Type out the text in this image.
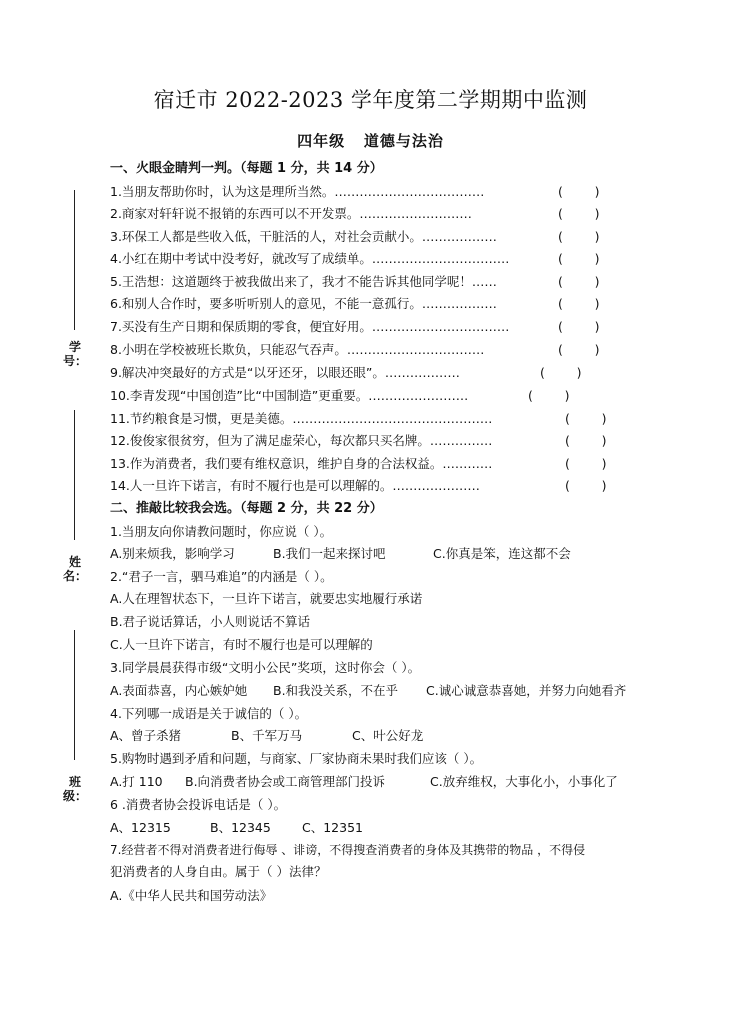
宿迁市 2022-2023 学年度第二学期期中监测
四年级   道德与法治
学号：
姓名：
班级：
一、火眼金睛判一判。（每题 1 分，共 14 分）
1.当朋友帮助你时，认为这是理所当然。………………………………	(        )
2.商家对轩轩说不报销的东西可以不开发票。………………………	(        )
3.环保工人都是些收入低，干脏活的人，对社会贡献小。………………	(        )
4.小红在期中考试中没考好，就改写了成绩单。……………………………	(        )
5.王浩想：这道题终于被我做出来了，我才不能告诉其他同学呢！……	(        )
6.和别人合作时，要多听听别人的意见，不能一意孤行。………………	(        )
7.买没有生产日期和保质期的零食，便宜好用。……………………………	(        )
8.小明在学校被班长欺负，只能忍气吞声。……………………………	(        )
9.解决冲突最好的方式是“以牙还牙，以眼还眼”。………………	(        )
10.李青发现“中国创造”比“中国制造”更重要。……………………	(        )
11.节约粮食是习惯，更是美德。…………………………………………	(        )
12.俊俊家很贫穷，但为了满足虚荣心，每次都只买名牌。……………	(        )
13.作为消费者，我们要有维权意识，维护自身的合法权益。…………	(        )
14.人一旦许下诺言，有时不履行也是可以理解的。…………………	(        )
二、推敲比较我会选。（每题 2 分，共 22 分）
1.当朋友向你请教问题时，你应说（ ）。
A.别来烦我，影响学习	B.我们一起来探讨吧	C.你真是笨，连这都不会
2.“君子一言，驷马难追”的内涵是（ ）。
A.人在理智状态下，一旦许下诺言，就要忠实地履行承诺
B.君子说话算话，小人则说话不算话
C.人一旦许下诺言，有时不履行也是可以理解的
3.同学晨晨获得市级“文明小公民”奖项，这时你会（ ）。
A.表面恭喜，内心嫉妒她 B.和我没关系，不在乎 C.诚心诚意恭喜她，并努力向她看齐
4.下列哪一成语是关于诚信的（ ）。
A、曾子杀猪	B、千军万马	C、叶公好龙
5.购物时遇到矛盾和问题，与商家、厂家协商未果时我们应该（ ）。
A.打 110 B.向消费者协会或工商管理部门投诉	C.放弃维权，大事化小，小事化了
6 .消费者协会投诉电话是（ ）。
A、12315	B、12345 C、12351
7.经营者不得对消费者进行侮辱 、诽谤，不得搜查消费者的身体及其携带的物品 ，不得侵
犯消费者的人身自由。属于（ ）法律？
A.《中华人民共和国劳动法》
